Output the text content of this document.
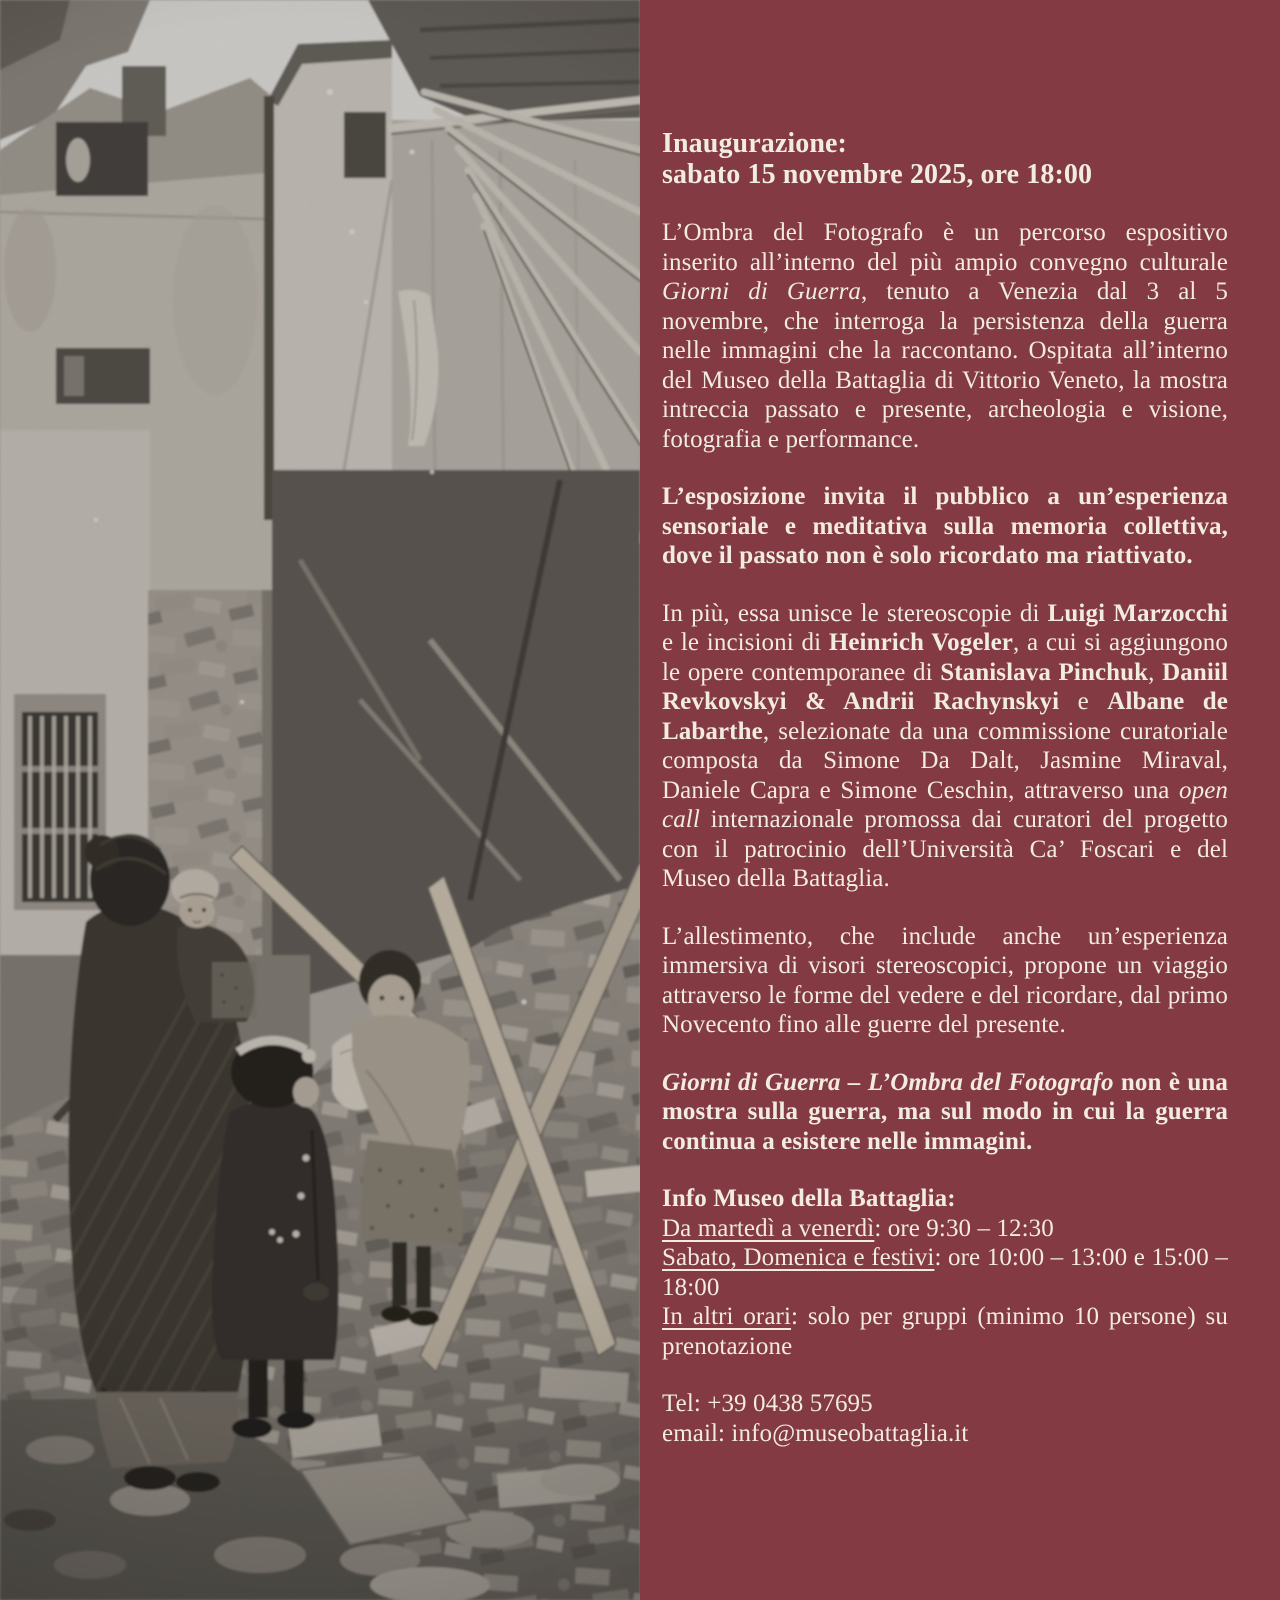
Inaugurazione:
sabato 15 novembre 2025, ore 18:00

L’Ombra del Fotografo è un percorso espositivo inserito all’interno del più ampio convegno culturale Giorni di Guerra, tenuto a Venezia dal 3 al 5 novembre, che interroga la persistenza della guerra nelle immagini che la raccontano. Ospitata all’interno del Museo della Battaglia di Vittorio Veneto, la mostra intreccia passato e presente, archeologia e visione, fotografia e performance.

L’esposizione invita il pubblico a un’esperienza sensoriale e meditativa sulla memoria collettiva, dove il passato non è solo ricordato ma riattivato.

In più, essa unisce le stereoscopie di Luigi Marzocchi e le incisioni di Heinrich Vogeler, a cui si aggiungono le opere contemporanee di Stanislava Pinchuk, Daniil Revkovskyi & Andrii Rachynskyi e Albane de Labarthe, selezionate da una commissione curatoriale composta da Simone Da Dalt, Jasmine Miraval, Daniele Capra e Simone Ceschin, attraverso una open call internazionale promossa dai curatori del progetto con il patrocinio dell’Università Ca’ Foscari e del Museo della Battaglia.

L’allestimento, che include anche un’esperienza immersiva di visori stereoscopici, propone un viaggio attraverso le forme del vedere e del ricordare, dal primo Novecento fino alle guerre del presente.

Giorni di Guerra – L’Ombra del Fotografo non è una mostra sulla guerra, ma sul modo in cui la guerra continua a esistere nelle immagini.

Info Museo della Battaglia:
Da martedì a venerdì: ore 9:30 – 12:30
Sabato, Domenica e festivi: ore 10:00 – 13:00 e 15:00 – 18:00
In altri orari: solo per gruppi (minimo 10 persone) su prenotazione
Tel: +39 0438 57695
email: info@museobattaglia.it
